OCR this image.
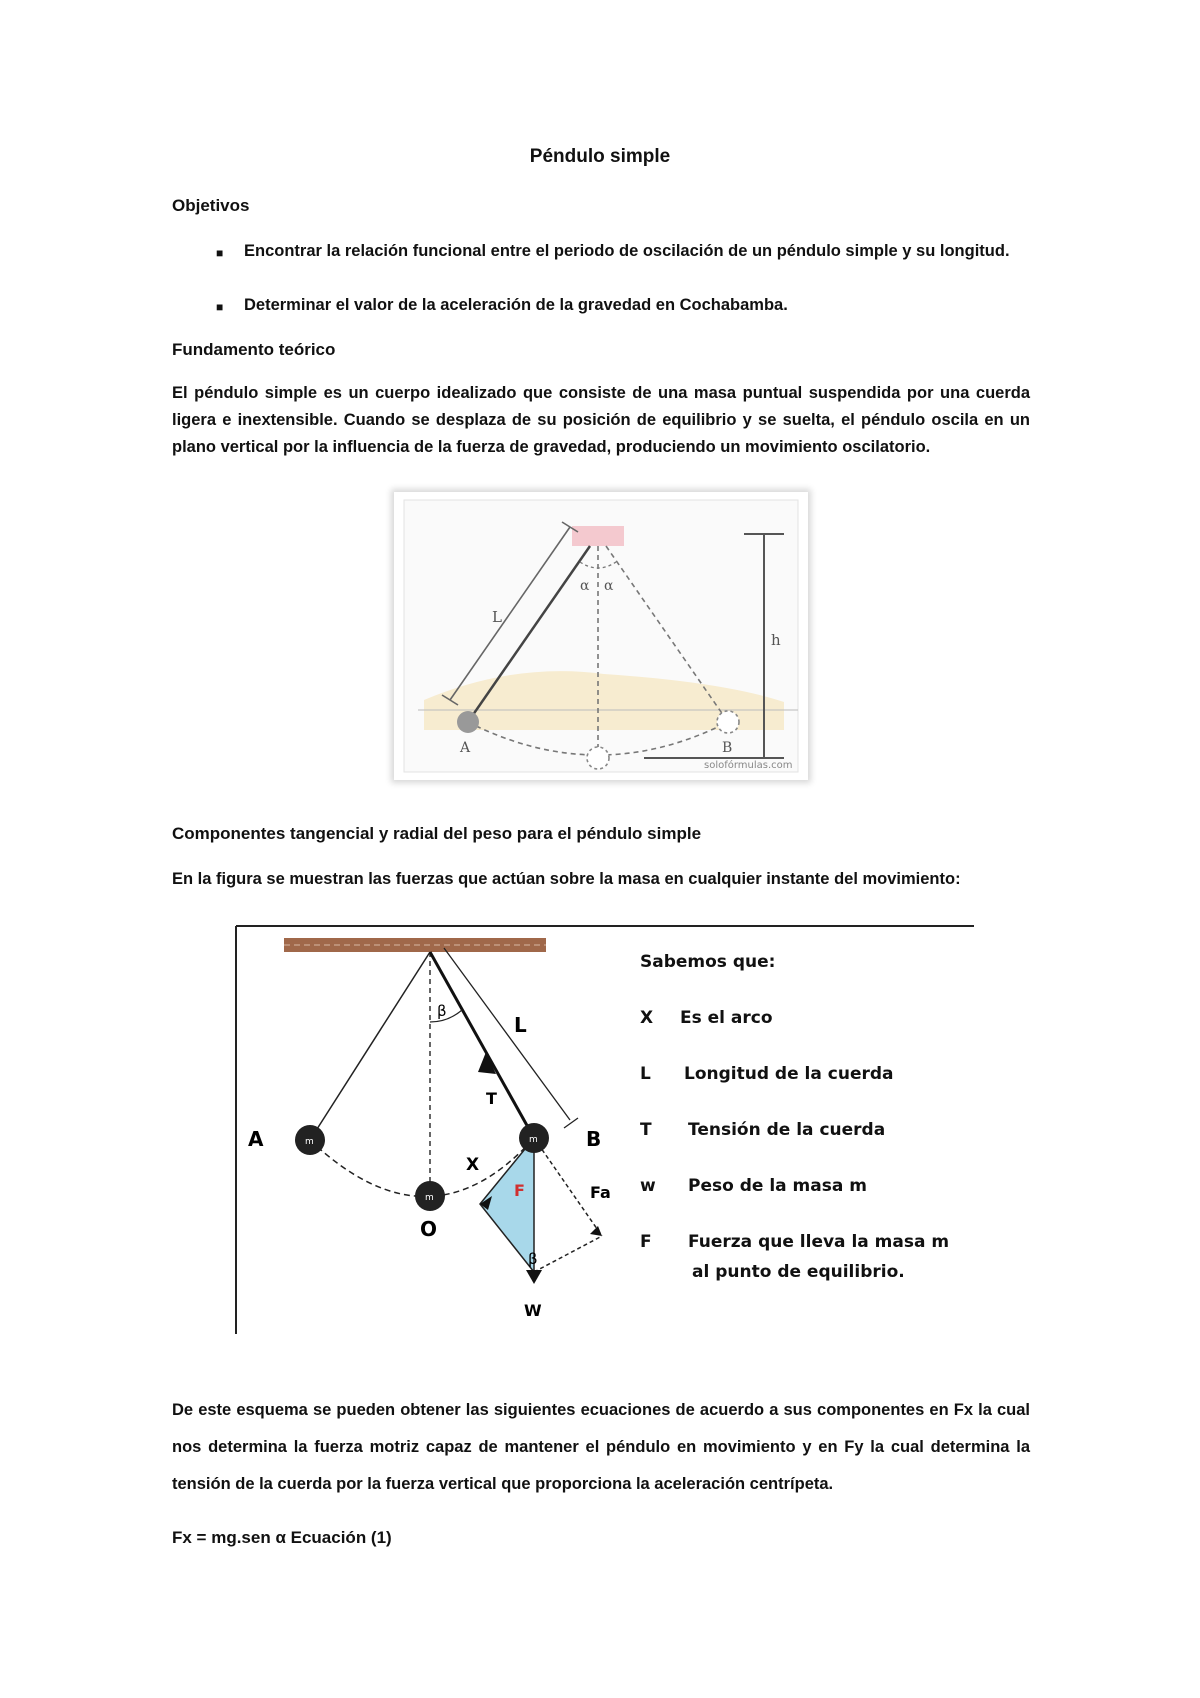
Péndulo simple
Objetivos
■ Encontrar la relación funcional entre el periodo de oscilación de un péndulo simple y su longitud.
■ Determinar el valor de la aceleración de la gravedad en Cochabamba.
Fundamento teórico
El péndulo simple es un cuerpo idealizado que consiste de una masa puntual suspendida por una cuerda ligera e inextensible. Cuando se desplaza de su posición de equilibrio y se suelta, el péndulo oscila en un plano vertical por la influencia de la fuerza de gravedad, produciendo un movimiento oscilatorio.
L
α α
h
A	B
solofórmulas.com
Componentes tangencial y radial del peso para el péndulo simple
En la figura se muestran las fuerzas que actúan sobre la masa en cualquier instante del movimiento:
m
m
m
A	B
O
L
X
β
β
T
F	Fa
W
Sabemos que:
X Es el arco
L Longitud de la cuerda
T Tensión de la cuerda
w Peso de la masa m
F Fuerza que lleva la masa m
al punto de equilibrio.
De este esquema se pueden obtener las siguientes ecuaciones de acuerdo a sus componentes en Fx la cual nos determina la fuerza motriz capaz de mantener el péndulo en movimiento y en Fy la cual determina la tensión de la cuerda por la fuerza vertical que proporciona la aceleración centrípeta.
Fx = mg.sen α Ecuación (1)
